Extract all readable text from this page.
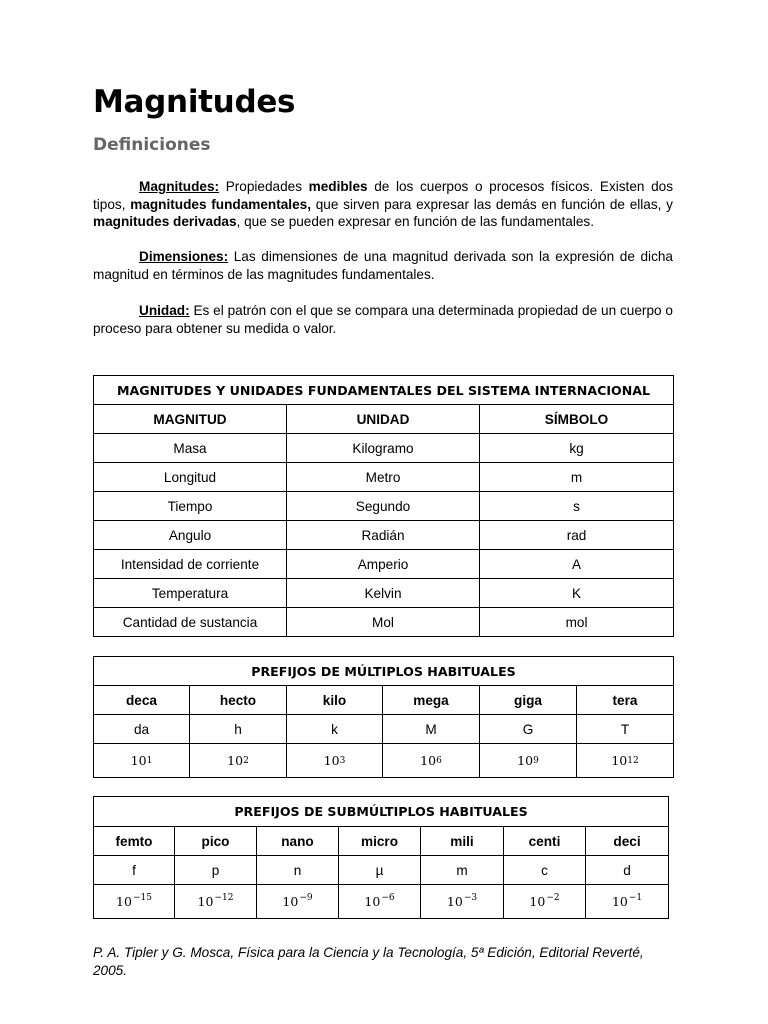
Magnitudes
Definiciones

Magnitudes: Propiedades medibles de los cuerpos o procesos físicos. Existen dos tipos, magnitudes fundamentales, que sirven para expresar las demás en función de ellas, y magnitudes derivadas, que se pueden expresar en función de las fundamentales.

Dimensiones: Las dimensiones de una magnitud derivada son la expresión de dicha magnitud en términos de las magnitudes fundamentales.

Unidad: Es el patrón con el que se compara una determinada propiedad de un cuerpo o proceso para obtener su medida o valor.

MAGNITUDES Y UNIDADES FUNDAMENTALES DEL SISTEMA INTERNACIONAL		
MAGNITUD	UNIDAD	SÍMBOLO
Masa	Kilogramo	kg
Longitud	Metro	m
Tiempo	Segundo	s
Angulo	Radián	rad
Intensidad de corriente	Amperio	A
Temperatura	Kelvin	K
Cantidad de sustancia	Mol	mol
PREFIJOS DE MÚLTIPLOS HABITUALES					
deca	hecto	kilo	mega	giga	tera
da	h	k	M	G	T
$10^1$	$10^2$	$10^3$	$10^6$	$10^9$	$10^{12}$
PREFIJOS DE SUBMÚLTIPLOS HABITUALES						
femto	pico	nano	micro	mili	centi	deci
f	p	n	µ	m	c	d
$10^{-15}$	$10^{-12}$	$10^{-9}$	$10^{-6}$	$10^{-3}$	$10^{-2}$	$10^{-1}$

P. A. Tipler y G. Mosca, Física para la Ciencia y la Tecnología, 5ª Edición, Editorial Reverté, 2005.
